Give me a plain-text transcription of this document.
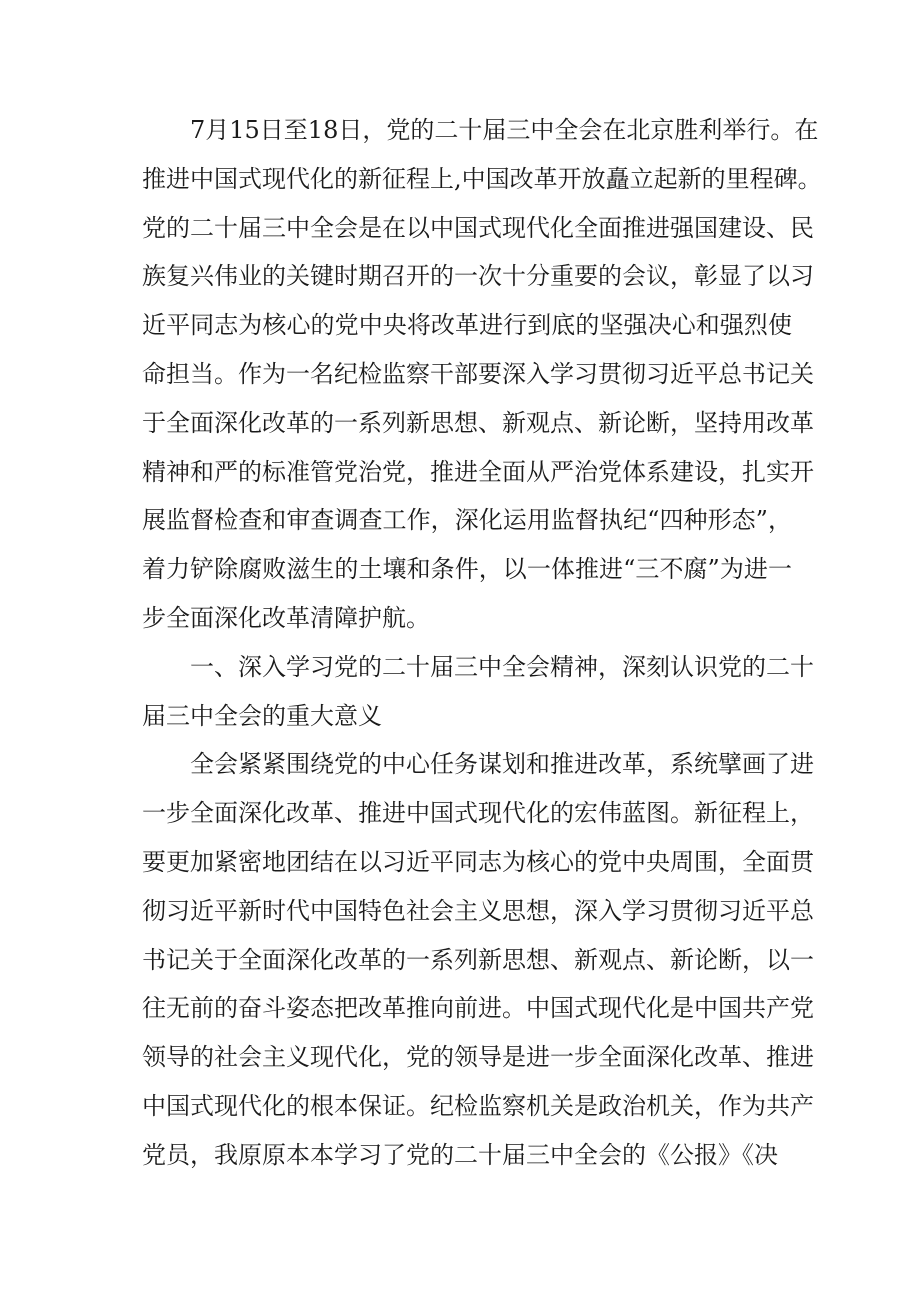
7月15日至18日，党的二十届三中全会在北京胜利举行。在
推进中国式现代化的新征程上,中国改革开放矗立起新的里程碑。
党的二十届三中全会是在以中国式现代化全面推进强国建设、民
族复兴伟业的关键时期召开的一次十分重要的会议，彰显了以习
近平同志为核心的党中央将改革进行到底的坚强决心和强烈使
命担当。作为一名纪检监察干部要深入学习贯彻习近平总书记关
于全面深化改革的一系列新思想、新观点、新论断，坚持用改革
精神和严的标准管党治党，推进全面从严治党体系建设，扎实开
展监督检查和审查调查工作，深化运用监督执纪“四种形态”，
着力铲除腐败滋生的土壤和条件，以一体推进“三不腐”为进一
步全面深化改革清障护航。
一、深入学习党的二十届三中全会精神，深刻认识党的二十
届三中全会的重大意义
全会紧紧围绕党的中心任务谋划和推进改革，系统擘画了进
一步全面深化改革、推进中国式现代化的宏伟蓝图。新征程上，
要更加紧密地团结在以习近平同志为核心的党中央周围，全面贯
彻习近平新时代中国特色社会主义思想，深入学习贯彻习近平总
书记关于全面深化改革的一系列新思想、新观点、新论断，以一
往无前的奋斗姿态把改革推向前进。中国式现代化是中国共产党
领导的社会主义现代化，党的领导是进一步全面深化改革、推进
中国式现代化的根本保证。纪检监察机关是政治机关，作为共产
党员，我原原本本学习了党的二十届三中全会的《公报》《决
